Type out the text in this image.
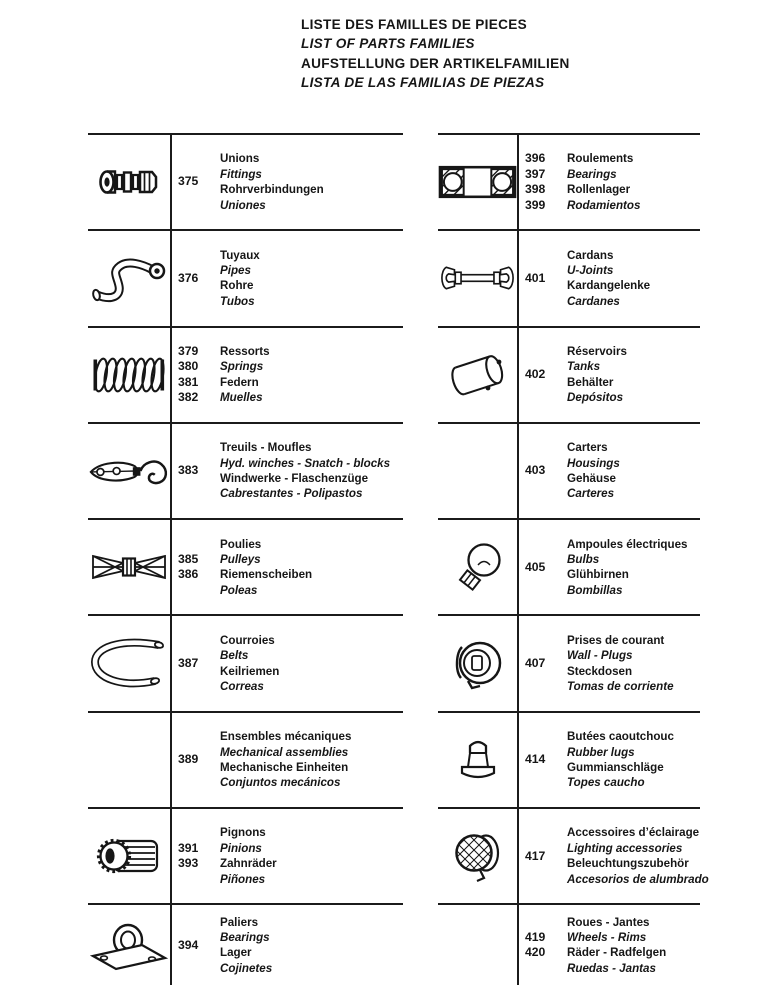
LISTE DES FAMILLES DE PIECES
LIST OF PARTS FAMILIES
AUFSTELLUNG DER ARTIKELFAMILIEN
LISTA DE LAS FAMILIAS DE PIEZAS
375
Unions
Fittings
Rohrverbindungen
Uniones
376
Tuyaux
Pipes
Rohre
Tubos
379
380
381
382
Ressorts
Springs
Federn
Muelles
383
Treuils - Moufles
Hyd. winches - Snatch - blocks
Windwerke - Flaschenzüge
Cabrestantes - Polipastos
385
386
Poulies
Pulleys
Riemenscheiben
Poleas
387
Courroies
Belts
Keilriemen
Correas
389
Ensembles mécaniques
Mechanical assemblies
Mechanische Einheiten
Conjuntos mecánicos
391
393
Pignons
Pinions
Zahnräder
Piñones
394
Paliers
Bearings
Lager
Cojinetes
396
397
398
399
Roulements
Bearings
Rollenlager
Rodamientos
401
Cardans
U-Joints
Kardangelenke
Cardanes
402
Réservoirs
Tanks
Behälter
Depósitos
403
Carters
Housings
Gehäuse
Carteres
405
Ampoules électriques
Bulbs
Glühbirnen
Bombillas
407
Prises de courant
Wall - Plugs
Steckdosen
Tomas de corriente
414
Butées caoutchouc
Rubber lugs
Gummianschläge
Topes caucho
417
Accessoires d’éclairage
Lighting accessories
Beleuchtungszubehör
Accesorios de alumbrado
419
420
Roues - Jantes
Wheels - Rims
Räder - Radfelgen
Ruedas - Jantas
